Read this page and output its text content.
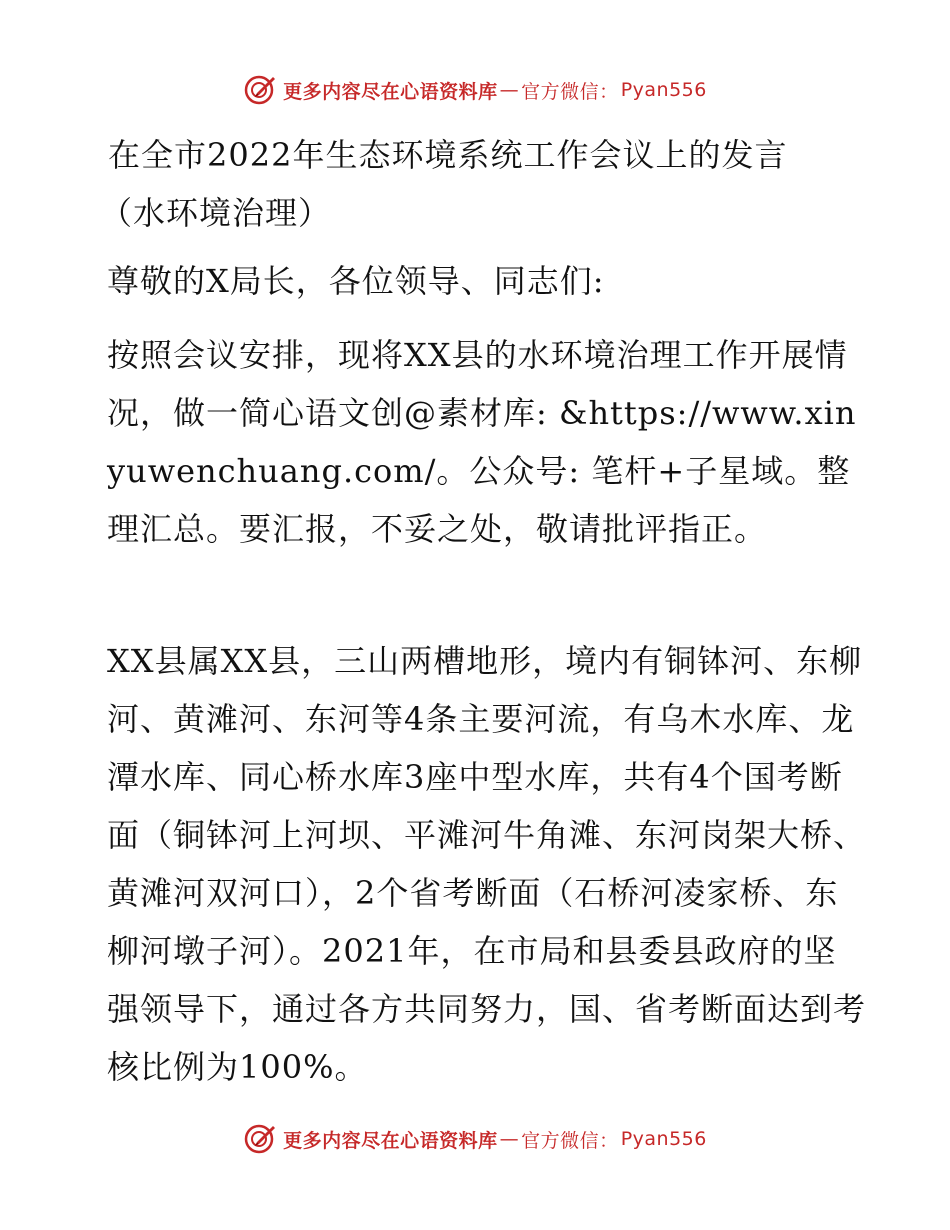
更多内容尽在心语资料库 — 官方微信： Pyan556
在全市2022年生态环境系统工作会议上的发言
（水环境治理）

尊敬的X局长，各位领导、同志们:

按照会议安排，现将XX县的水环境治理工作开展情况，做一简心语文创@素材库: &https://www.xinyuwenchuang.com/。公众号: 笔杆+子星域。整理汇总。要汇报，不妥之处，敬请批评指正。

XX县属XX县，三山两槽地形，境内有铜钵河、东柳河、黄滩河、东河等4条主要河流，有乌木水库、龙潭水库、同心桥水库3座中型水库，共有4个国考断面（铜钵河上河坝、平滩河牛角滩、东河岗架大桥、黄滩河双河口），2个省考断面（石桥河凌家桥、东柳河墩子河）。2021年，在市局和县委县政府的坚强领导下，通过各方共同努力，国、省考断面达到考核比例为100%。

更多内容尽在心语资料库 — 官方微信： Pyan556
